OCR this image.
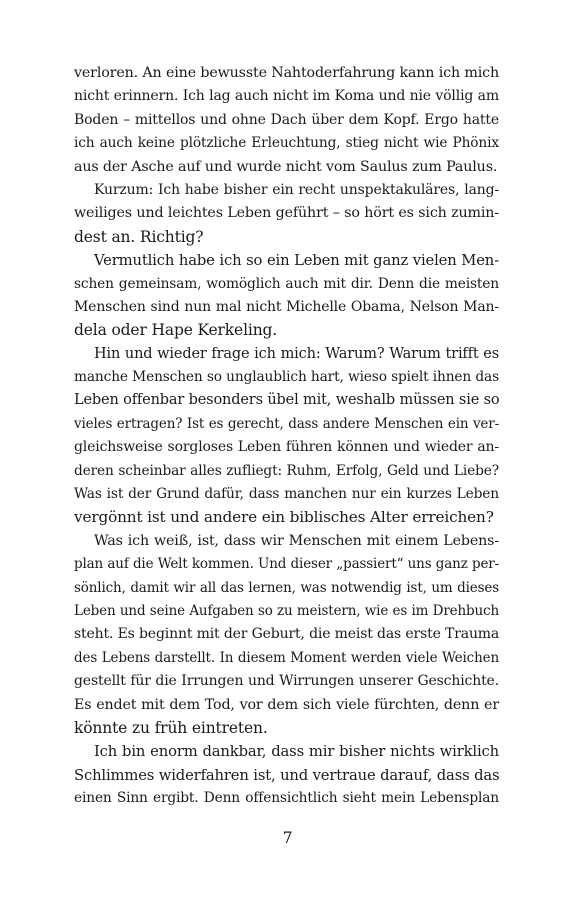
verloren. An eine bewusste Nahtoderfahrung kann ich mich
nicht erinnern. Ich lag auch nicht im Koma und nie völlig am
Boden – mittellos und ohne Dach über dem Kopf. Ergo hatte
ich auch keine plötzliche Erleuchtung, stieg nicht wie Phönix
aus der Asche auf und wurde nicht vom Saulus zum Paulus.
Kurzum: Ich habe bisher ein recht unspektakuläres, lang-
weiliges und leichtes Leben geführt – so hört es sich zumin-
dest an. Richtig?
Vermutlich habe ich so ein Leben mit ganz vielen Men-
schen gemeinsam, womöglich auch mit dir. Denn die meisten
Menschen sind nun mal nicht Michelle Obama, Nelson Man-
dela oder Hape Kerkeling.
Hin und wieder frage ich mich: Warum? Warum trifft es
manche Menschen so unglaublich hart, wieso spielt ihnen das
Leben offenbar besonders übel mit, weshalb müssen sie so
vieles ertragen? Ist es gerecht, dass andere Menschen ein ver-
gleichsweise sorgloses Leben führen können und wieder an-
deren scheinbar alles zufliegt: Ruhm, Erfolg, Geld und Liebe?
Was ist der Grund dafür, dass manchen nur ein kurzes Leben
vergönnt ist und andere ein biblisches Alter erreichen?
Was ich weiß, ist, dass wir Menschen mit einem Lebens-
plan auf die Welt kommen. Und dieser „passiert“ uns ganz per-
sönlich, damit wir all das lernen, was notwendig ist, um dieses
Leben und seine Aufgaben so zu meistern, wie es im Drehbuch
steht. Es beginnt mit der Geburt, die meist das erste Trauma
des Lebens darstellt. In diesem Moment werden viele Weichen
gestellt für die Irrungen und Wirrungen unserer Geschichte.
Es endet mit dem Tod, vor dem sich viele fürchten, denn er
könnte zu früh eintreten.
Ich bin enorm dankbar, dass mir bisher nichts wirklich
Schlimmes widerfahren ist, und vertraue darauf, dass das
einen Sinn ergibt. Denn offensichtlich sieht mein Lebensplan
7
